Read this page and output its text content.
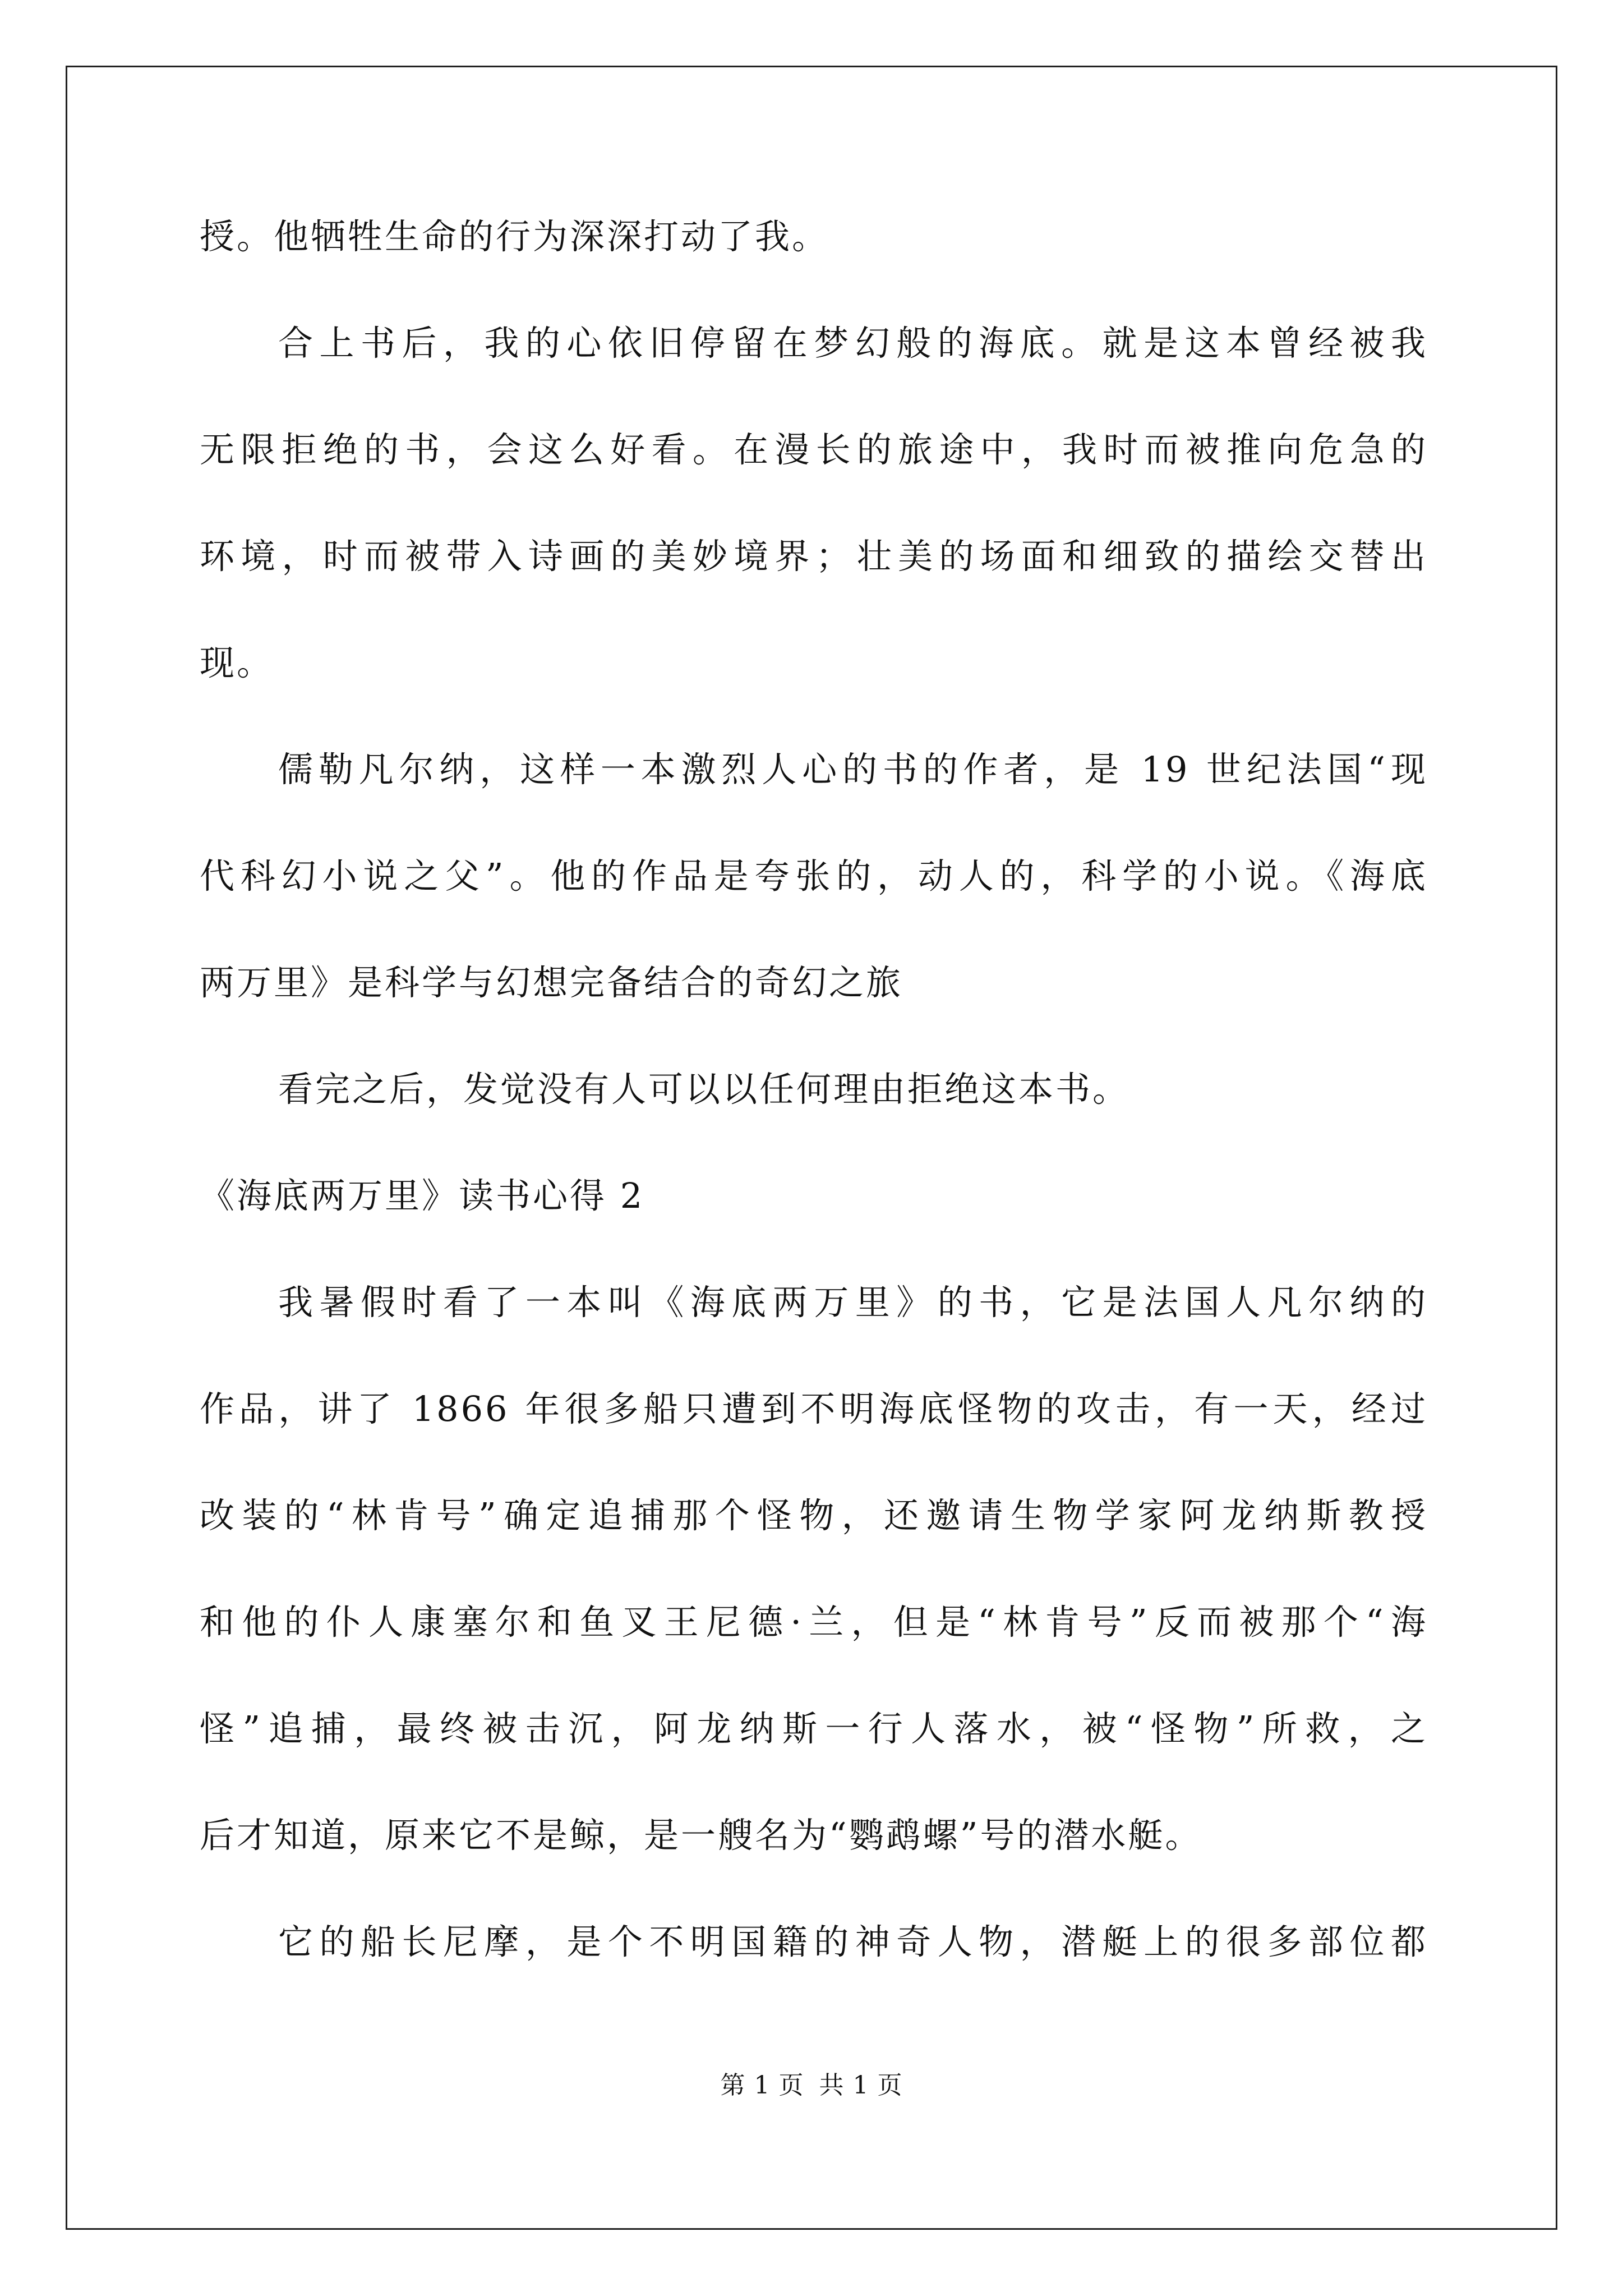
授。他牺牲生命的行为深深打动了我。
合上书后，我的心依旧停留在梦幻般的海底。就是这本曾经被我
无限拒绝的书，会这么好看。在漫长的旅途中，我时而被推向危急的
环境，时而被带入诗画的美妙境界；壮美的场面和细致的描绘交替出
现。
儒勒凡尔纳，这样一本激烈人心的书的作者，是 19 世纪法国“现
代科幻小说之父”。他的作品是夸张的，动人的，科学的小说。《海底
两万里》是科学与幻想完备结合的奇幻之旅
看完之后，发觉没有人可以以任何理由拒绝这本书。
《海底两万里》读书心得 2
我暑假时看了一本叫《海底两万里》的书，它是法国人凡尔纳的
作品，讲了 1866 年很多船只遭到不明海底怪物的攻击，有一天，经过
改装的“林肯号”确定追捕那个怪物，还邀请生物学家阿龙纳斯教授
和他的仆人康塞尔和鱼叉王尼德·兰，但是“林肯号”反而被那个“海
怪”追捕，最终被击沉，阿龙纳斯一行人落水，被“怪物”所救，之
后才知道，原来它不是鲸，是一艘名为“鹦鹉螺”号的潜水艇。
它的船长尼摩，是个不明国籍的神奇人物，潜艇上的很多部位都
第 1 页 共 1 页
